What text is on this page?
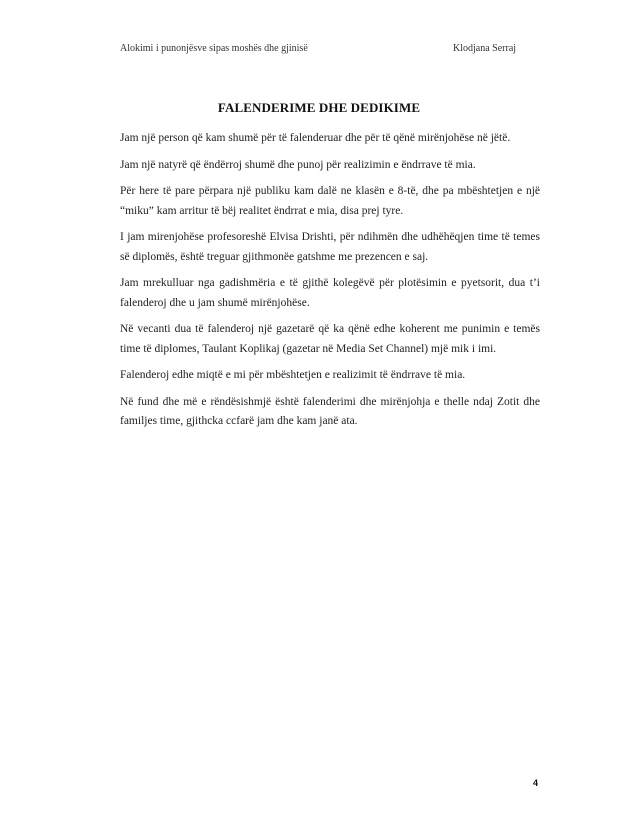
Alokimi i punonjësve sipas moshës dhe gjinisë	Klodjana Serraj
FALENDERIME DHE DEDIKIME

Jam një person që kam shumë për të falenderuar dhe për të qënë mirënjohëse në jëtë.

Jam një natyrë që ëndërroj shumë dhe punoj për realizimin e ëndrrave të mia.

Për here të pare përpara një publiku kam dalë ne klasën e 8-të, dhe pa mbështetjen e një “miku” kam arritur të bëj realitet ëndrrat e mia, disa prej tyre.

I jam mirenjohëse profesoreshë Elvisa Drishti, për ndihmën dhe udhëhëqjen time të temes së diplomës, është treguar gjithmonëe gatshme me prezencen e saj.

Jam mrekulluar nga gadishmëria e të gjithë kolegëvë për plotësimin e pyetsorit, dua t’i falenderoj dhe u jam shumë mirënjohëse.

Në vecanti dua të falenderoj një gazetarë që ka qënë edhe koherent me punimin e temës time të diplomes, Taulant Koplikaj (gazetar në Media Set Channel) mjë mik i imi.

Falenderoj edhe miqtë e mi për mbështetjen e realizimit të ëndrrave të mia.

Në fund dhe më e rëndësishmjë është falenderimi dhe mirënjohja e thelle ndaj Zotit dhe familjes time, gjithcka ccfarë jam dhe kam janë ata.

4
